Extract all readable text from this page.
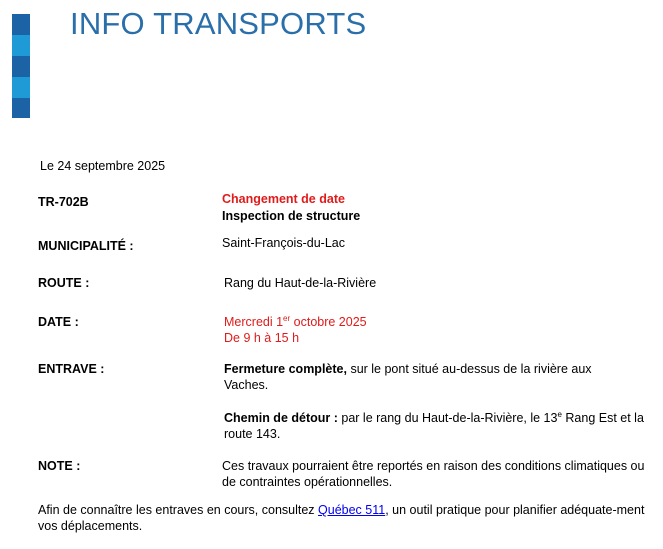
INFO TRANSPORTS
Le 24 septembre 2025
TR-702B	Changement de date
Inspection de structure
MUNICIPALITÉ :	Saint-François-du-Lac
ROUTE :	Rang du Haut-de-la-Rivière
DATE :	Mercredi 1er octobre 2025
De 9 h à 15 h
ENTRAVE :	Fermeture complète, sur le pont situé au-dessus de la rivière aux Vaches.
Chemin de détour : par le rang du Haut-de-la-Rivière, le 13e Rang Est et la route 143.
NOTE :	Ces travaux pourraient être reportés en raison des conditions climatiques ou de contraintes opérationnelles.
Afin de connaître les entraves en cours, consultez Québec 511, un outil pratique pour planifier adéquate-ment vos déplacements.
